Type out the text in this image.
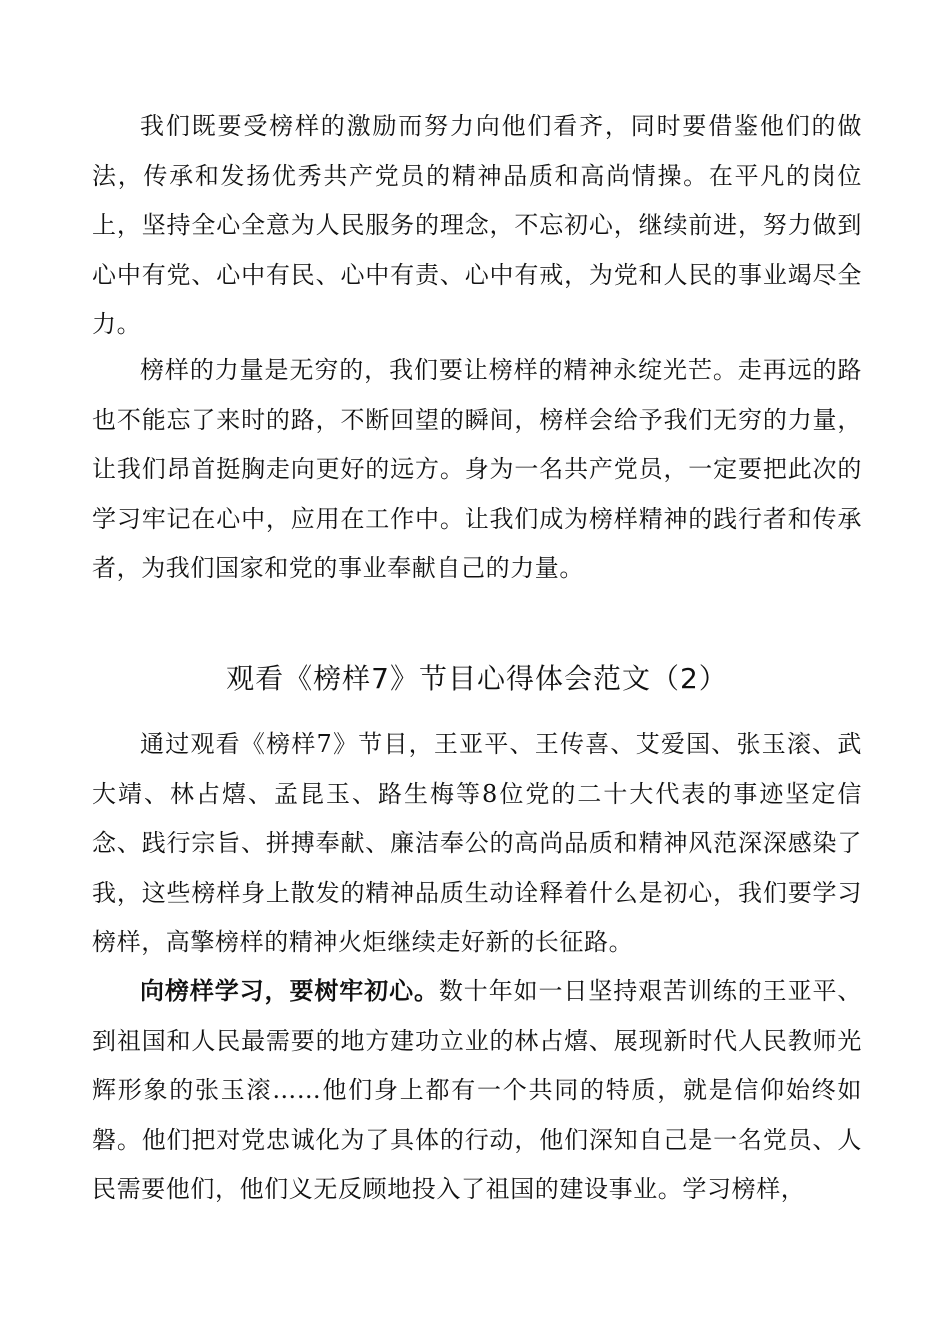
我们既要受榜样的激励而努力向他们看齐，同时要借鉴他们的做法，传承和发扬优秀共产党员的精神品质和高尚情操。在平凡的岗位上，坚持全心全意为人民服务的理念，不忘初心，继续前进，努力做到心中有党、心中有民、心中有责、心中有戒，为党和人民的事业竭尽全力。

榜样的力量是无穷的，我们要让榜样的精神永绽光芒。走再远的路也不能忘了来时的路，不断回望的瞬间，榜样会给予我们无穷的力量，让我们昂首挺胸走向更好的远方。身为一名共产党员，一定要把此次的学习牢记在心中，应用在工作中。让我们成为榜样精神的践行者和传承者，为我们国家和党的事业奉献自己的力量。

观看《榜样7》节目心得体会范文（2）

通过观看《榜样7》节目，王亚平、王传喜、艾爱国、张玉滚、武大靖、林占熺、孟昆玉、路生梅等8位党的二十大代表的事迹坚定信念、践行宗旨、拼搏奉献、廉洁奉公的高尚品质和精神风范深深感染了我，这些榜样身上散发的精神品质生动诠释着什么是初心，我们要学习榜样，高擎榜样的精神火炬继续走好新的长征路。

向榜样学习，要树牢初心。数十年如一日坚持艰苦训练的王亚平、到祖国和人民最需要的地方建功立业的林占熺、展现新时代人民教师光辉形象的张玉滚……他们身上都有一个共同的特质，就是信仰始终如磐。他们把对党忠诚化为了具体的行动，他们深知自己是一名党员、人民需要他们，他们义无反顾地投入了祖国的建设事业。学习榜样，
